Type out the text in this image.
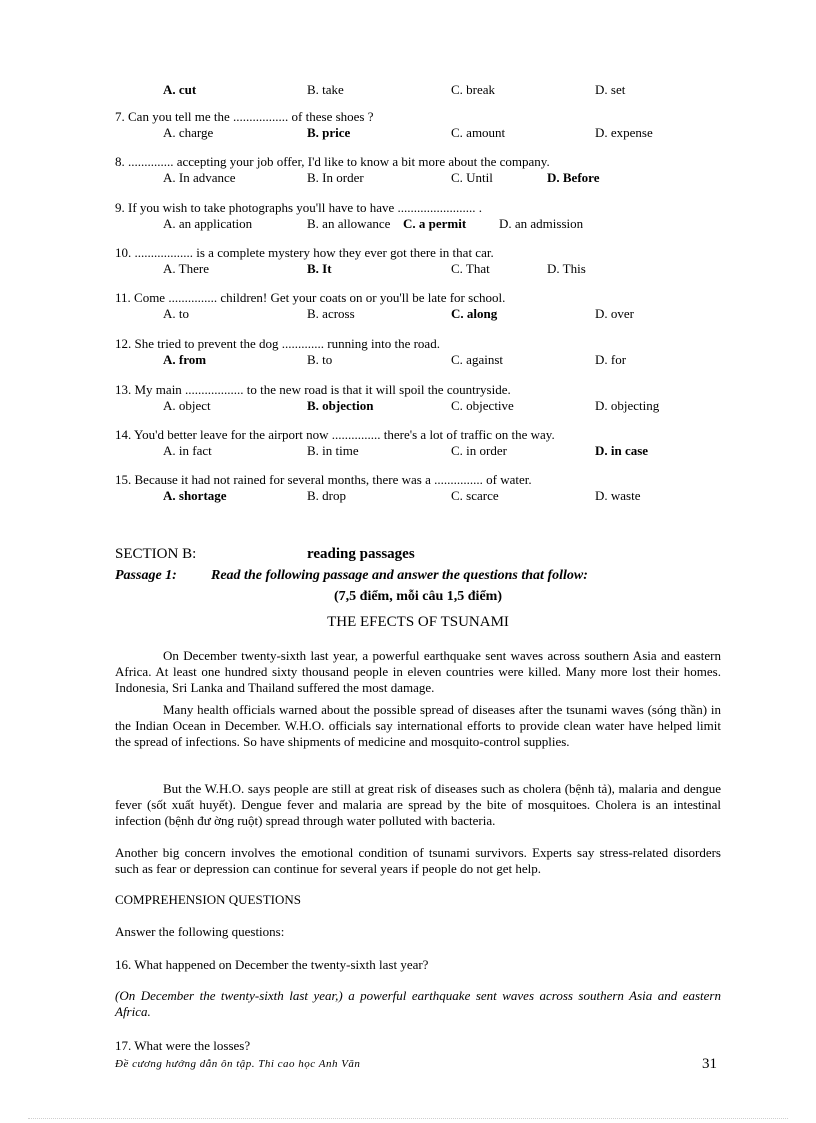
A. cut	B. take	C. break	D. set
7. Can you tell me the ................. of these shoes ?
A. charge	B. price	C. amount	D. expense
8. .............. accepting your job offer, I'd like to know a bit more about the company.
A. In advance	B. In order	C. Until	D. Before
9. If you wish to take photographs you'll have to have ........................ .
A. an application	B. an allowance C. a permit	D. an admission
10. .................. is a complete mystery how they ever got there in that car.
A. There	B. It	C. That	D. This
11. Come ............... children! Get your coats on or you'll be late for school.
A. to	B. across	C. along	D. over
12. She tried to prevent the dog ............. running into the road.
A. from	B. to	C. against	D. for
13. My main .................. to the new road is that it will spoil the countryside.
A. object	B. objection	C. objective	D. objecting
14. You'd better leave for the airport now ............... there's a lot of traffic on the way.
A. in fact	B. in time	C. in order	D. in case
15. Because it had not rained for several months, there was a ............... of water.
A. shortage	B. drop	C. scarce	D. waste
SECTION B:	reading passages
Passage 1: Read the following passage and answer the questions that follow:
(7,5 điểm, mỗi câu 1,5 điểm)
THE EFECTS OF TSUNAMI
On December twenty-sixth last year, a powerful earthquake sent waves across southern Asia and eastern Africa. At least one hundred sixty thousand people in eleven countries were killed. Many more lost their homes. Indonesia, Sri Lanka and Thailand suffered the most damage.
Many health officials warned about the possible spread of diseases after the tsunami waves (sóng thần) in the Indian Ocean in December. W.H.O. officials say international efforts to provide clean water have helped limit the spread of infections. So have shipments of medicine and mosquito-control supplies.
But the W.H.O. says people are still at great risk of diseases such as cholera (bệnh tả), malaria and dengue fever (sốt xuất huyết). Dengue fever and malaria are spread by the bite of mosquitoes. Cholera is an intestinal infection (bệnh đư ờng ruột) spread through water polluted with bacteria.
Another big concern involves the emotional condition of tsunami survivors. Experts say stress-related disorders such as fear or depression can continue for several years if people do not get help.
COMPREHENSION QUESTIONS
Answer the following questions:
16. What happened on December the twenty-sixth last year?
(On December the twenty-sixth last year,) a powerful earthquake sent waves across southern Asia and eastern Africa.
17. What were the losses?
Đề cương hướng dẫn ôn tập. Thi cao học Anh Văn	31
